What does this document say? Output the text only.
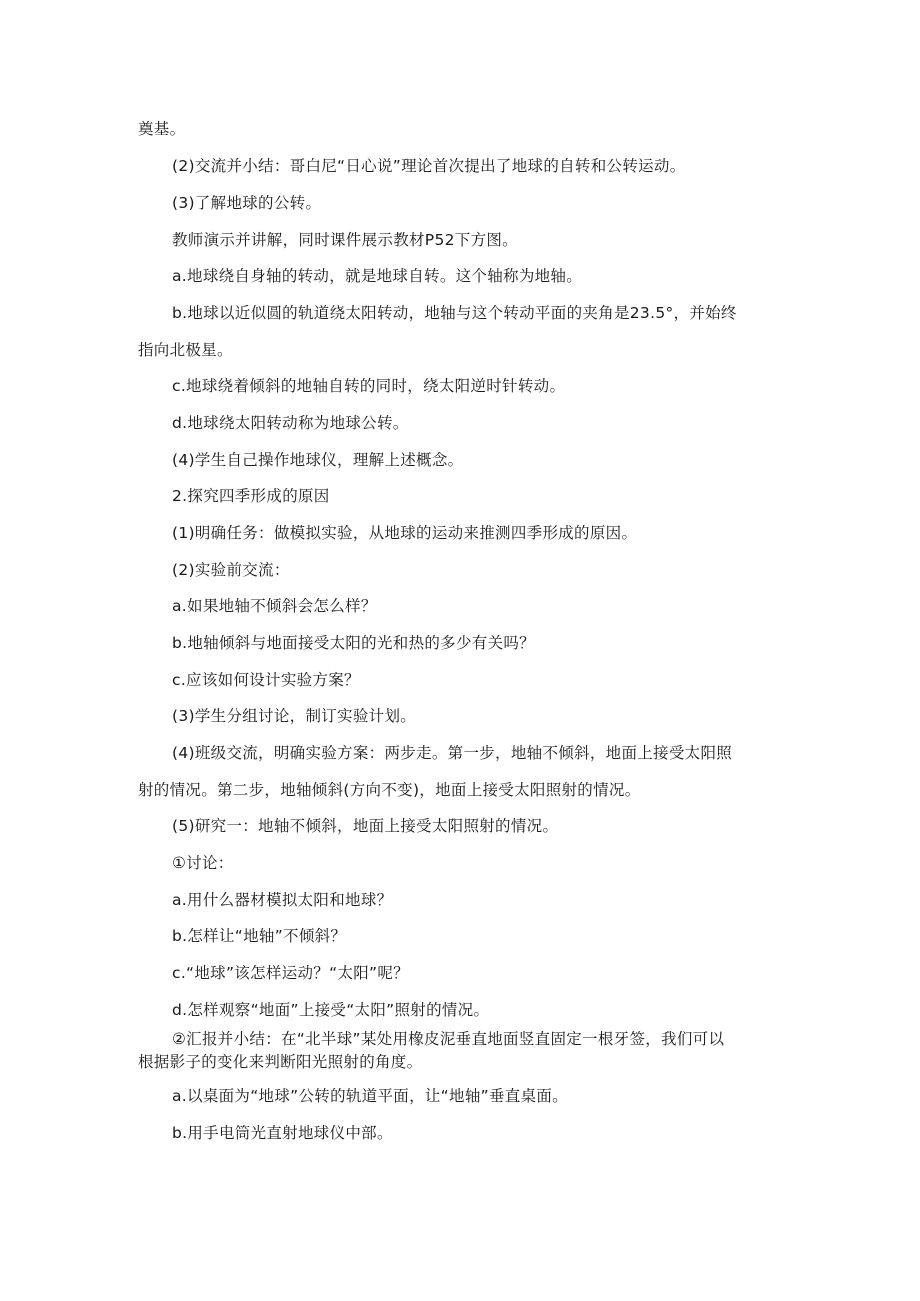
奠基。

(2)交流并小结：哥白尼“日心说”理论首次提出了地球的自转和公转运动。

(3)了解地球的公转。

教师演示并讲解，同时课件展示教材P52下方图。

a.地球绕自身轴的转动，就是地球自转。这个轴称为地轴。

b.地球以近似圆的轨道绕太阳转动，地轴与这个转动平面的夹角是23.5°，并始终

指向北极星。

c.地球绕着倾斜的地轴自转的同时，绕太阳逆时针转动。

d.地球绕太阳转动称为地球公转。

(4)学生自己操作地球仪，理解上述概念。

2.探究四季形成的原因

(1)明确任务：做模拟实验，从地球的运动来推测四季形成的原因。

(2)实验前交流：

a.如果地轴不倾斜会怎么样？

b.地轴倾斜与地面接受太阳的光和热的多少有关吗？

c.应该如何设计实验方案？

(3)学生分组讨论，制订实验计划。

(4)班级交流，明确实验方案：两步走。第一步，地轴不倾斜，地面上接受太阳照

射的情况。第二步，地轴倾斜(方向不变)，地面上接受太阳照射的情况。

(5)研究一：地轴不倾斜，地面上接受太阳照射的情况。

①讨论：

a.用什么器材模拟太阳和地球？

b.怎样让“地轴”不倾斜？

c.“地球”该怎样运动？“太阳”呢？

d.怎样观察“地面”上接受“太阳”照射的情况。

②汇报并小结：在“北半球”某处用橡皮泥垂直地面竖直固定一根牙签，我们可以

根据影子的变化来判断阳光照射的角度。

a.以桌面为“地球”公转的轨道平面，让“地轴”垂直桌面。

b.用手电筒光直射地球仪中部。
